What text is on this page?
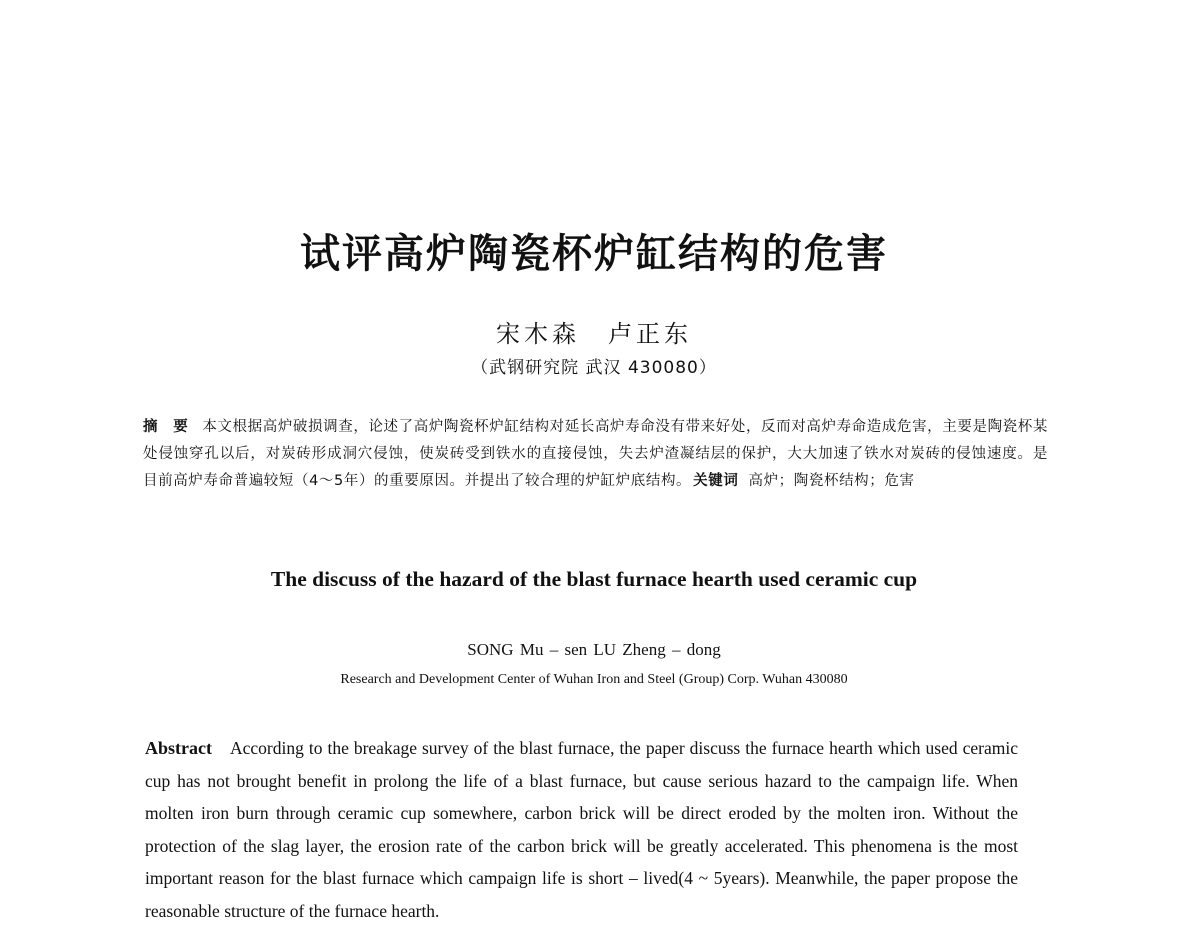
试评高炉陶瓷杯炉缸结构的危害
宋木森　卢正东
（武钢研究院 武汉 430080）
摘　要 本文根据高炉破损调查，论述了高炉陶瓷杯炉缸结构对延长高炉寿命没有带来好处，反而对高炉寿命造成危害，主要是陶瓷杯某处侵蚀穿孔以后，对炭砖形成洞穴侵蚀，使炭砖受到铁水的直接侵蚀，失去炉渣凝结层的保护，大大加速了铁水对炭砖的侵蚀速度。是目前高炉寿命普遍较短（4～5年）的重要原因。并提出了较合理的炉缸炉底结构。 关键词 高炉；陶瓷杯结构；危害
The discuss of the hazard of the blast furnace hearth used ceramic cup
SONG Mu – sen LU Zheng – dong
Research and Development Center of Wuhan Iron and Steel (Group) Corp. Wuhan 430080
Abstract According to the breakage survey of the blast furnace, the paper discuss the furnace hearth which used ceramic cup has not brought benefit in prolong the life of a blast furnace, but cause serious hazard to the campaign life. When molten iron burn through ceramic cup somewhere, carbon brick will be direct eroded by the molten iron. Without the protection of the slag layer, the erosion rate of the carbon brick will be greatly accelerated. This phenomena is the most important reason for the blast furnace which campaign life is short – lived(4 ~ 5years). Meanwhile, the paper propose the reasonable structure of the furnace hearth.
